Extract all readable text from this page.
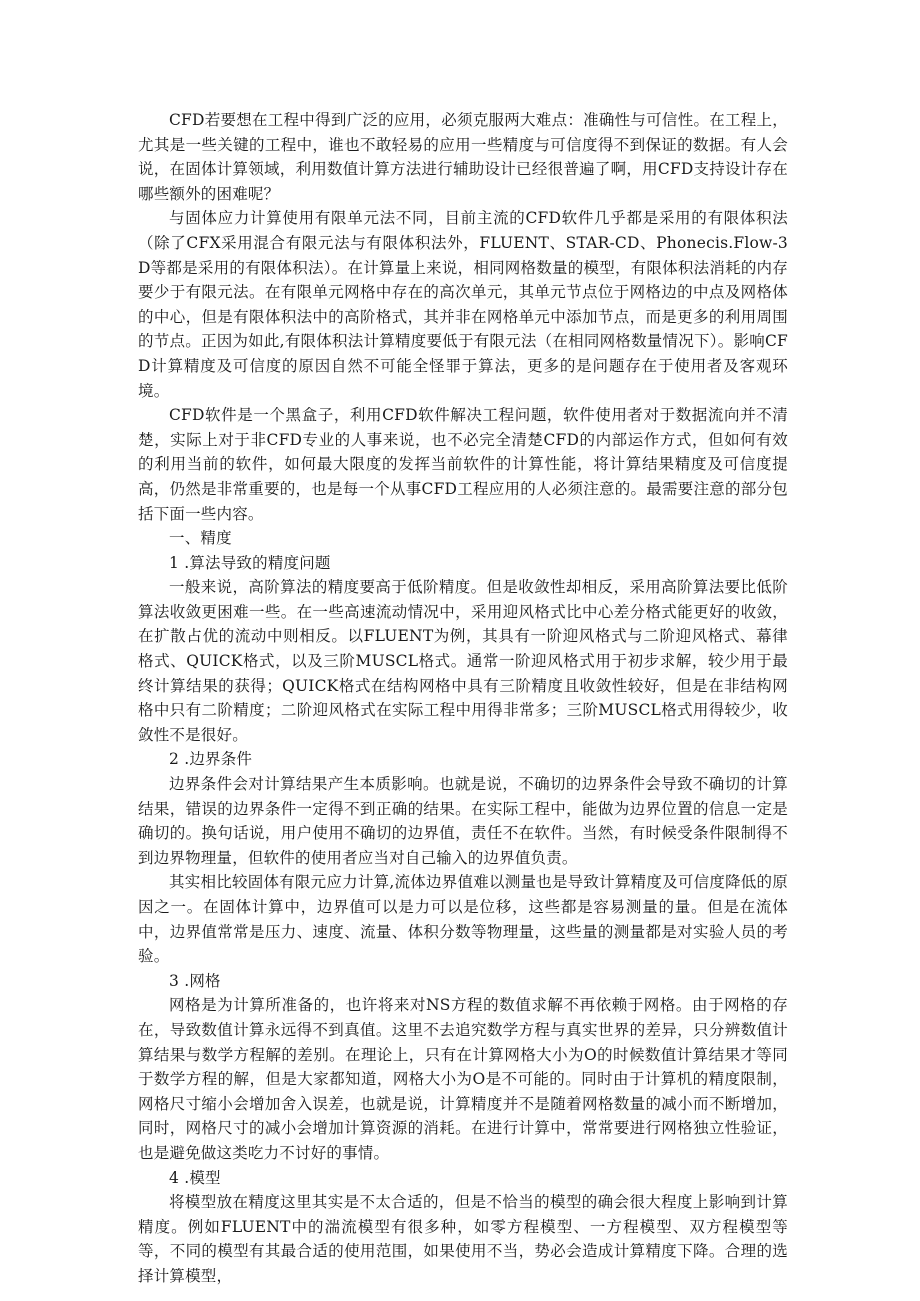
CFD若要想在工程中得到广泛的应用，必须克服两大难点：准确性与可信性。在工程上，尤其是一些关键的工程中，谁也不敢轻易的应用一些精度与可信度得不到保证的数据。有人会说，在固体计算领域，利用数值计算方法进行辅助设计已经很普遍了啊，用CFD支持设计存在哪些额外的困难呢？

与固体应力计算使用有限单元法不同，目前主流的CFD软件几乎都是采用的有限体积法（除了CFX采用混合有限元法与有限体积法外，FLUENT、STAR-CD、Phonecis.Flow-3D等都是采用的有限体积法）。在计算量上来说，相同网格数量的模型，有限体积法消耗的内存要少于有限元法。在有限单元网格中存在的高次单元，其单元节点位于网格边的中点及网格体的中心，但是有限体积法中的高阶格式，其并非在网格单元中添加节点，而是更多的利用周围的节点。正因为如此,有限体积法计算精度要低于有限元法（在相同网格数量情况下）。影响CFD计算精度及可信度的原因自然不可能全怪罪于算法，更多的是问题存在于使用者及客观环境。

CFD软件是一个黑盒子，利用CFD软件解决工程问题，软件使用者对于数据流向并不清楚，实际上对于非CFD专业的人事来说，也不必完全清楚CFD的内部运作方式，但如何有效的利用当前的软件，如何最大限度的发挥当前软件的计算性能，将计算结果精度及可信度提高，仍然是非常重要的，也是每一个从事CFD工程应用的人必须注意的。最需要注意的部分包括下面一些内容。

一、精度

1 .算法导致的精度问题

一般来说，高阶算法的精度要高于低阶精度。但是收敛性却相反，采用高阶算法要比低阶算法收敛更困难一些。在一些高速流动情况中，采用迎风格式比中心差分格式能更好的收敛，在扩散占优的流动中则相反。以FLUENT为例，其具有一阶迎风格式与二阶迎风格式、幕律格式、QUICK格式，以及三阶MUSCL格式。通常一阶迎风格式用于初步求解，较少用于最终计算结果的获得；QUICK格式在结构网格中具有三阶精度且收敛性较好，但是在非结构网格中只有二阶精度；二阶迎风格式在实际工程中用得非常多；三阶MUSCL格式用得较少，收敛性不是很好。

2 .边界条件

边界条件会对计算结果产生本质影响。也就是说，不确切的边界条件会导致不确切的计算结果，错误的边界条件一定得不到正确的结果。在实际工程中，能做为边界位置的信息一定是确切的。换句话说，用户使用不确切的边界值，责任不在软件。当然，有时候受条件限制得不到边界物理量，但软件的使用者应当对自己输入的边界值负责。

其实相比较固体有限元应力计算,流体边界值难以测量也是导致计算精度及可信度降低的原因之一。在固体计算中，边界值可以是力可以是位移，这些都是容易测量的量。但是在流体中，边界值常常是压力、速度、流量、体积分数等物理量，这些量的测量都是对实验人员的考验。

3 .网格

网格是为计算所准备的，也许将来对NS方程的数值求解不再依赖于网格。由于网格的存在，导致数值计算永远得不到真值。这里不去追究数学方程与真实世界的差异，只分辨数值计算结果与数学方程解的差别。在理论上，只有在计算网格大小为O的时候数值计算结果才等同于数学方程的解，但是大家都知道，网格大小为O是不可能的。同时由于计算机的精度限制，网格尺寸缩小会增加舍入误差，也就是说，计算精度并不是随着网格数量的减小而不断增加，同时，网格尺寸的减小会增加计算资源的消耗。在进行计算中，常常要进行网格独立性验证，也是避免做这类吃力不讨好的事情。

4 .模型

将模型放在精度这里其实是不太合适的，但是不恰当的模型的确会很大程度上影响到计算精度。例如FLUENT中的湍流模型有很多种，如零方程模型、一方程模型、双方程模型等等，不同的模型有其最合适的使用范围，如果使用不当，势必会造成计算精度下降。合理的选择计算模型，
